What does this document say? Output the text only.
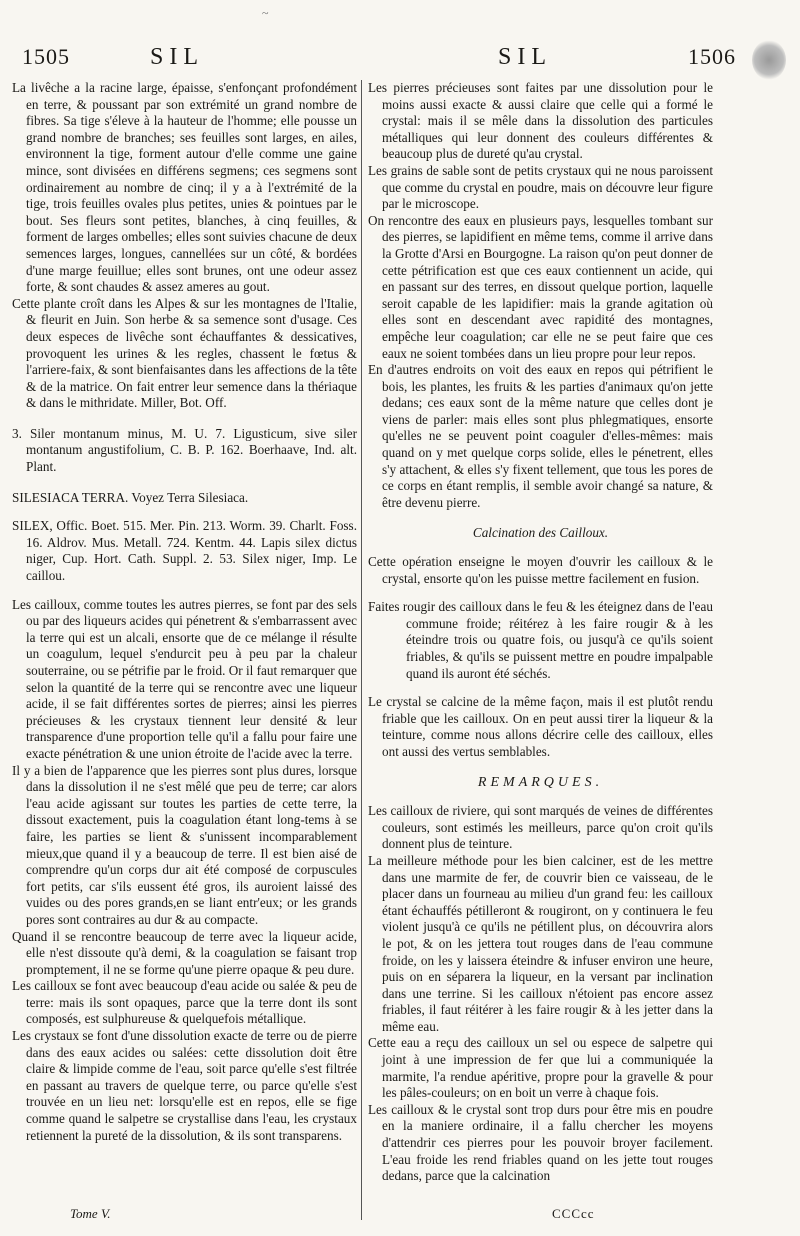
~
1505	SIL	SIL	1506

La livêche a la racine large, épaisse, s'enfonçant profondément en terre, & poussant par son extrémité un grand nombre de fibres. Sa tige s'éleve à la hauteur de l'homme; elle pousse un grand nombre de branches; ses feuilles sont larges, en ailes, environnent la tige, forment autour d'elle comme une gaine mince, sont divisées en différens segmens; ces segmens sont ordinairement au nombre de cinq; il y a à l'extrémité de la tige, trois feuilles ovales plus petites, unies & pointues par le bout. Ses fleurs sont petites, blanches, à cinq feuilles, & forment de larges ombelles; elles sont suivies chacune de deux semences larges, longues, cannellées sur un côté, & bordées d'une marge feuillue; elles sont brunes, ont une odeur assez forte, & sont chaudes & assez ameres au gout.

Cette plante croît dans les Alpes & sur les montagnes de l'Italie, & fleurit en Juin. Son herbe & sa semence sont d'usage. Ces deux especes de livêche sont échauffantes & dessicatives, provoquent les urines & les regles, chassent le fœtus & l'arriere-faix, & sont bienfaisantes dans les affections de la tête & de la matrice. On fait entrer leur semence dans la thériaque & dans le mithridate. Miller, Bot. Off.

3. Siler montanum minus, M. U. 7. Ligusticum, sive siler montanum angustifolium, C. B. P. 162. Boerhaave, Ind. alt. Plant.

SILESIACA TERRA. Voyez Terra Silesiaca.

SILEX, Offic. Boet. 515. Mer. Pin. 213. Worm. 39. Charlt. Foss. 16. Aldrov. Mus. Metall. 724. Kentm. 44. Lapis silex dictus niger, Cup. Hort. Cath. Suppl. 2. 53. Silex niger, Imp. Le caillou.

Les cailloux, comme toutes les autres pierres, se font par des sels ou par des liqueurs acides qui pénetrent & s'embarrassent avec la terre qui est un alcali, ensorte que de ce mélange il résulte un coagulum, lequel s'endurcit peu à peu par la chaleur souterraine, ou se pétrifie par le froid. Or il faut remarquer que selon la quantité de la terre qui se rencontre avec une liqueur acide, il se fait différentes sortes de pierres; ainsi les pierres précieuses & les crystaux tiennent leur densité & leur transparence d'une proportion telle qu'il a fallu pour faire une exacte pénétration & une union étroite de l'acide avec la terre.

Il y a bien de l'apparence que les pierres sont plus dures, lorsque dans la dissolution il ne s'est mêlé que peu de terre; car alors l'eau acide agissant sur toutes les parties de cette terre, la dissout exactement, puis la coagulation étant long-tems à se faire, les parties se lient & s'unissent incomparablement mieux,que quand il y a beaucoup de terre. Il est bien aisé de comprendre qu'un corps dur ait été composé de corpuscules fort petits, car s'ils eussent été gros, ils auroient laissé des vuides ou des pores grands,en se liant entr'eux; or les grands pores sont contraires au dur & au compacte.

Quand il se rencontre beaucoup de terre avec la liqueur acide, elle n'est dissoute qu'à demi, & la coagulation se faisant trop promptement, il ne se forme qu'une pierre opaque & peu dure.

Les cailloux se font avec beaucoup d'eau acide ou salée & peu de terre: mais ils sont opaques, parce que la terre dont ils sont composés, est sulphureuse & quelquefois métallique.

Les crystaux se font d'une dissolution exacte de terre ou de pierre dans des eaux acides ou salées: cette dissolution doit être claire & limpide comme de l'eau, soit parce qu'elle s'est filtrée en passant au travers de quelque terre, ou parce qu'elle s'est trouvée en un lieu net: lorsqu'elle est en repos, elle se fige comme quand le salpetre se crystallise dans l'eau, les crystaux retiennent la pureté de la dissolution, & ils sont transparens.

Les pierres précieuses sont faites par une dissolution pour le moins aussi exacte & aussi claire que celle qui a formé le crystal: mais il se mêle dans la dissolution des particules métalliques qui leur donnent des couleurs différentes & beaucoup plus de dureté qu'au crystal.

Les grains de sable sont de petits crystaux qui ne nous paroissent que comme du crystal en poudre, mais on découvre leur figure par le microscope.

On rencontre des eaux en plusieurs pays, lesquelles tombant sur des pierres, se lapidifient en même tems, comme il arrive dans la Grotte d'Arsi en Bourgogne. La raison qu'on peut donner de cette pétrification est que ces eaux contiennent un acide, qui en passant sur des terres, en dissout quelque portion, laquelle seroit capable de les lapidifier: mais la grande agitation où elles sont en descendant avec rapidité des montagnes, empêche leur coagulation; car elle ne se peut faire que ces eaux ne soient tombées dans un lieu propre pour leur repos.

En d'autres endroits on voit des eaux en repos qui pétrifient le bois, les plantes, les fruits & les parties d'animaux qu'on jette dedans; ces eaux sont de la même nature que celles dont je viens de parler: mais elles sont plus phlegmatiques, ensorte qu'elles ne se peuvent point coaguler d'elles-mêmes: mais quand on y met quelque corps solide, elles le pénetrent, elles s'y attachent, & elles s'y fixent tellement, que tous les pores de ce corps en étant remplis, il semble avoir changé sa nature, & être devenu pierre.

Calcination des Cailloux.

Cette opération enseigne le moyen d'ouvrir les cailloux & le crystal, ensorte qu'on les puisse mettre facilement en fusion.

Faites rougir des cailloux dans le feu & les éteignez dans de l'eau commune froide; réitérez à les faire rougir & à les éteindre trois ou quatre fois, ou jusqu'à ce qu'ils soient friables, & qu'ils se puissent mettre en poudre impalpable quand ils auront été séchés.

Le crystal se calcine de la même façon, mais il est plutôt rendu friable que les cailloux. On en peut aussi tirer la liqueur & la teinture, comme nous allons décrire celle des cailloux, elles ont aussi des vertus semblables.

REMARQUES.

Les cailloux de riviere, qui sont marqués de veines de différentes couleurs, sont estimés les meilleurs, parce qu'on croit qu'ils donnent plus de teinture.

La meilleure méthode pour les bien calciner, est de les mettre dans une marmite de fer, de couvrir bien ce vaisseau, de le placer dans un fourneau au milieu d'un grand feu: les cailloux étant échauffés pétilleront & rougiront, on y continuera le feu violent jusqu'à ce qu'ils ne pétillent plus, on découvrira alors le pot, & on les jettera tout rouges dans de l'eau commune froide, on les y laissera éteindre & infuser environ une heure, puis on en séparera la liqueur, en la versant par inclination dans une terrine. Si les cailloux n'étoient pas encore assez friables, il faut réitérer à les faire rougir & à les jetter dans la même eau.

Cette eau a reçu des cailloux un sel ou espece de salpetre qui joint à une impression de fer que lui a communiquée la marmite, l'a rendue apéritive, propre pour la gravelle & pour les pâles-couleurs; on en boit un verre à chaque fois.

Les cailloux & le crystal sont trop durs pour être mis en poudre en la maniere ordinaire, il a fallu chercher les moyens d'attendrir ces pierres pour les pouvoir broyer facilement. L'eau froide les rend friables quand on les jette tout rouges dedans, parce que la calcination

Tome V.	CCCcc
